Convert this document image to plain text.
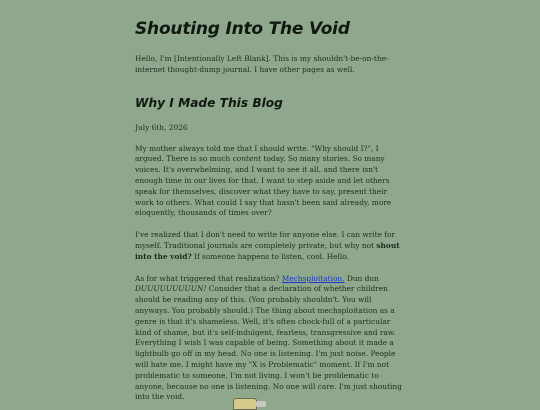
Shouting Into The Void

Hello, I'm [Intentionally Left Blank]. This is my shouldn't-be-on-the-internet thought-dump journal. I have other pages as well.

Why I Made This Blog

July 6th, 2026

My mother always told me that I should write. "Why should I?", I argued. There is so much content today. So many stories. So many voices. It's overwhelming, and I want to see it all, and there isn't enough time in our lives for that. I want to step aside and let others speak for themselves, discover what they have to say, present their work to others. What could I say that hasn't been said already, more eloquently, thousands of times over?

I've realized that I don't need to write for anyone else. I can write for myself. Traditional journals are completely private, but why not shout into the void? If someone happens to listen, cool. Hello.

As for what triggered that realization? Mechsploitation. Dun dun DUUUUUUUUUN! Consider that a declaration of whether children should be reading any of this. (You probably shouldn't. You will anyways. You probably should.) The thing about mechsploitation as a genre is that it's shameless. Well, it's often chock-full of a particular kind of shame, but it's self-indulgent, fearless, transgressive and raw. Everything I wish I was capable of being. Something about it made a lightbulb go off in my head. No one is listening. I'm just noise. People will hate me. I might have my "X is Problematic" moment. If I'm not problematic to someone, I'm not living. I won't be problematic to anyone, because no one is listening. No one will care. I'm just shouting into the void.
